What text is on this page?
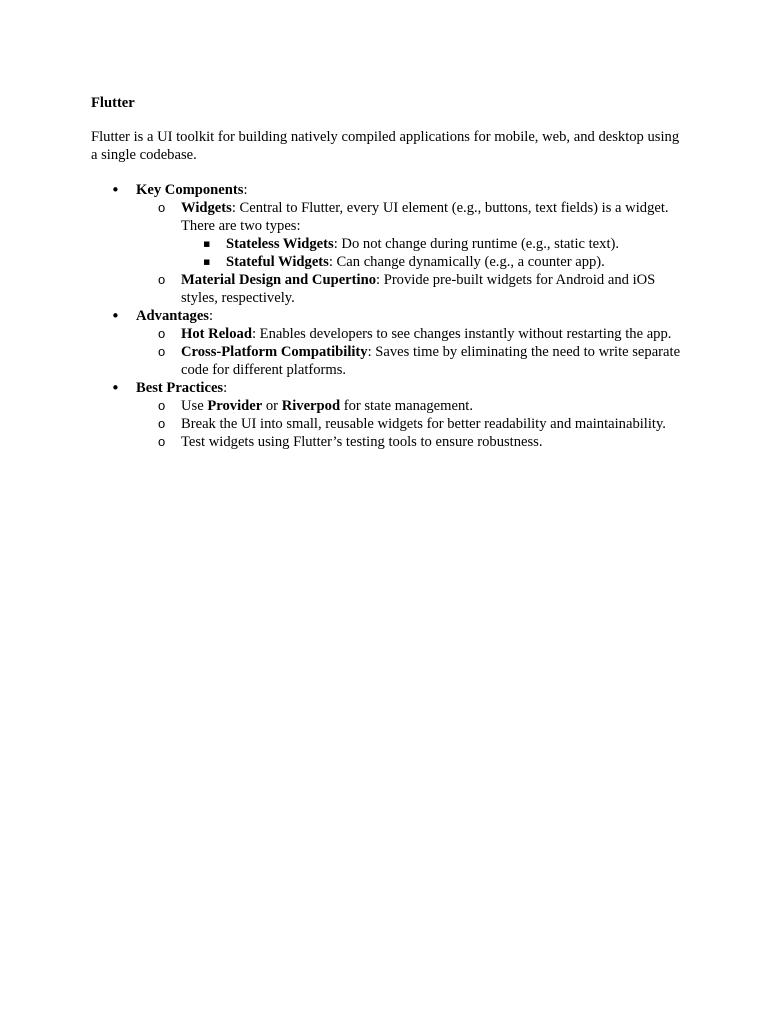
Flutter

Flutter is a UI toolkit for building natively compiled applications for mobile, web, and desktop using a single codebase.

• Key Components:
o Widgets: Central to Flutter, every UI element (e.g., buttons, text fields) is a widget. There are two types:
▪ Stateless Widgets: Do not change during runtime (e.g., static text).
▪ Stateful Widgets: Can change dynamically (e.g., a counter app).
o Material Design and Cupertino: Provide pre-built widgets for Android and iOS styles, respectively.
• Advantages:
o Hot Reload: Enables developers to see changes instantly without restarting the app.
o Cross-Platform Compatibility: Saves time by eliminating the need to write separate code for different platforms.
• Best Practices:
o Use Provider or Riverpod for state management.
o Break the UI into small, reusable widgets for better readability and maintainability.
o Test widgets using Flutter’s testing tools to ensure robustness.
